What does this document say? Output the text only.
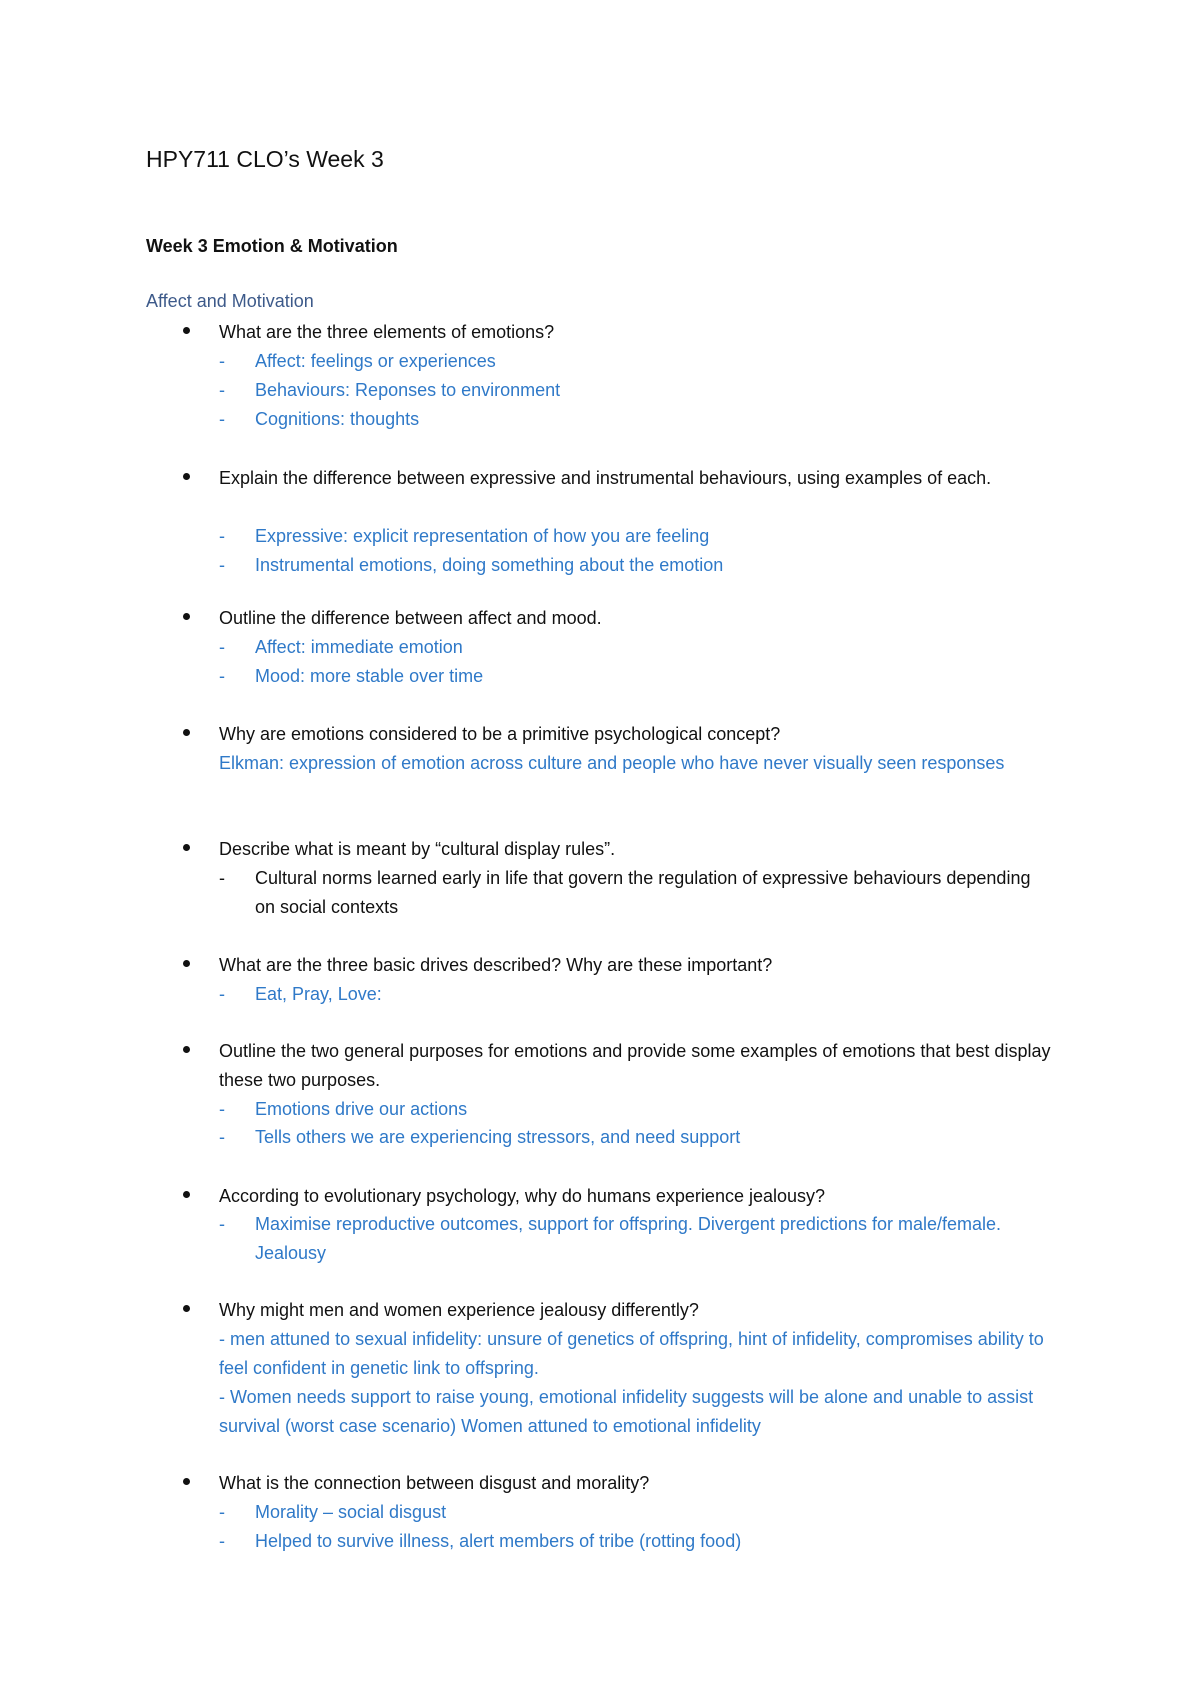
HPY711 CLO’s Week 3
Week 3 Emotion & Motivation
Affect and Motivation
What are the three elements of emotions?
- Affect: feelings or experiences
- Behaviours: Reponses to environment
- Cognitions: thoughts
Explain the difference between expressive and instrumental behaviours, using examples of each.
- Expressive: explicit representation of how you are feeling
- Instrumental emotions, doing something about the emotion
Outline the difference between affect and mood.
- Affect: immediate emotion
- Mood: more stable over time
Why are emotions considered to be a primitive psychological concept?
Elkman: expression of emotion across culture and people who have never visually seen responses
Describe what is meant by “cultural display rules”.
- Cultural norms learned early in life that govern the regulation of expressive behaviours depending on social contexts
What are the three basic drives described? Why are these important?
- Eat, Pray, Love:
Outline the two general purposes for emotions and provide some examples of emotions that best display these two purposes.
- Emotions drive our actions
- Tells others we are experiencing stressors, and need support
According to evolutionary psychology, why do humans experience jealousy?
- Maximise reproductive outcomes, support for offspring. Divergent predictions for male/female. Jealousy
Why might men and women experience jealousy differently?
- men attuned to sexual infidelity: unsure of genetics of offspring, hint of infidelity, compromises ability to feel confident in genetic link to offspring.
- Women needs support to raise young, emotional infidelity suggests will be alone and unable to assist survival (worst case scenario) Women attuned to emotional infidelity
What is the connection between disgust and morality?
- Morality – social disgust
- Helped to survive illness, alert members of tribe (rotting food)
